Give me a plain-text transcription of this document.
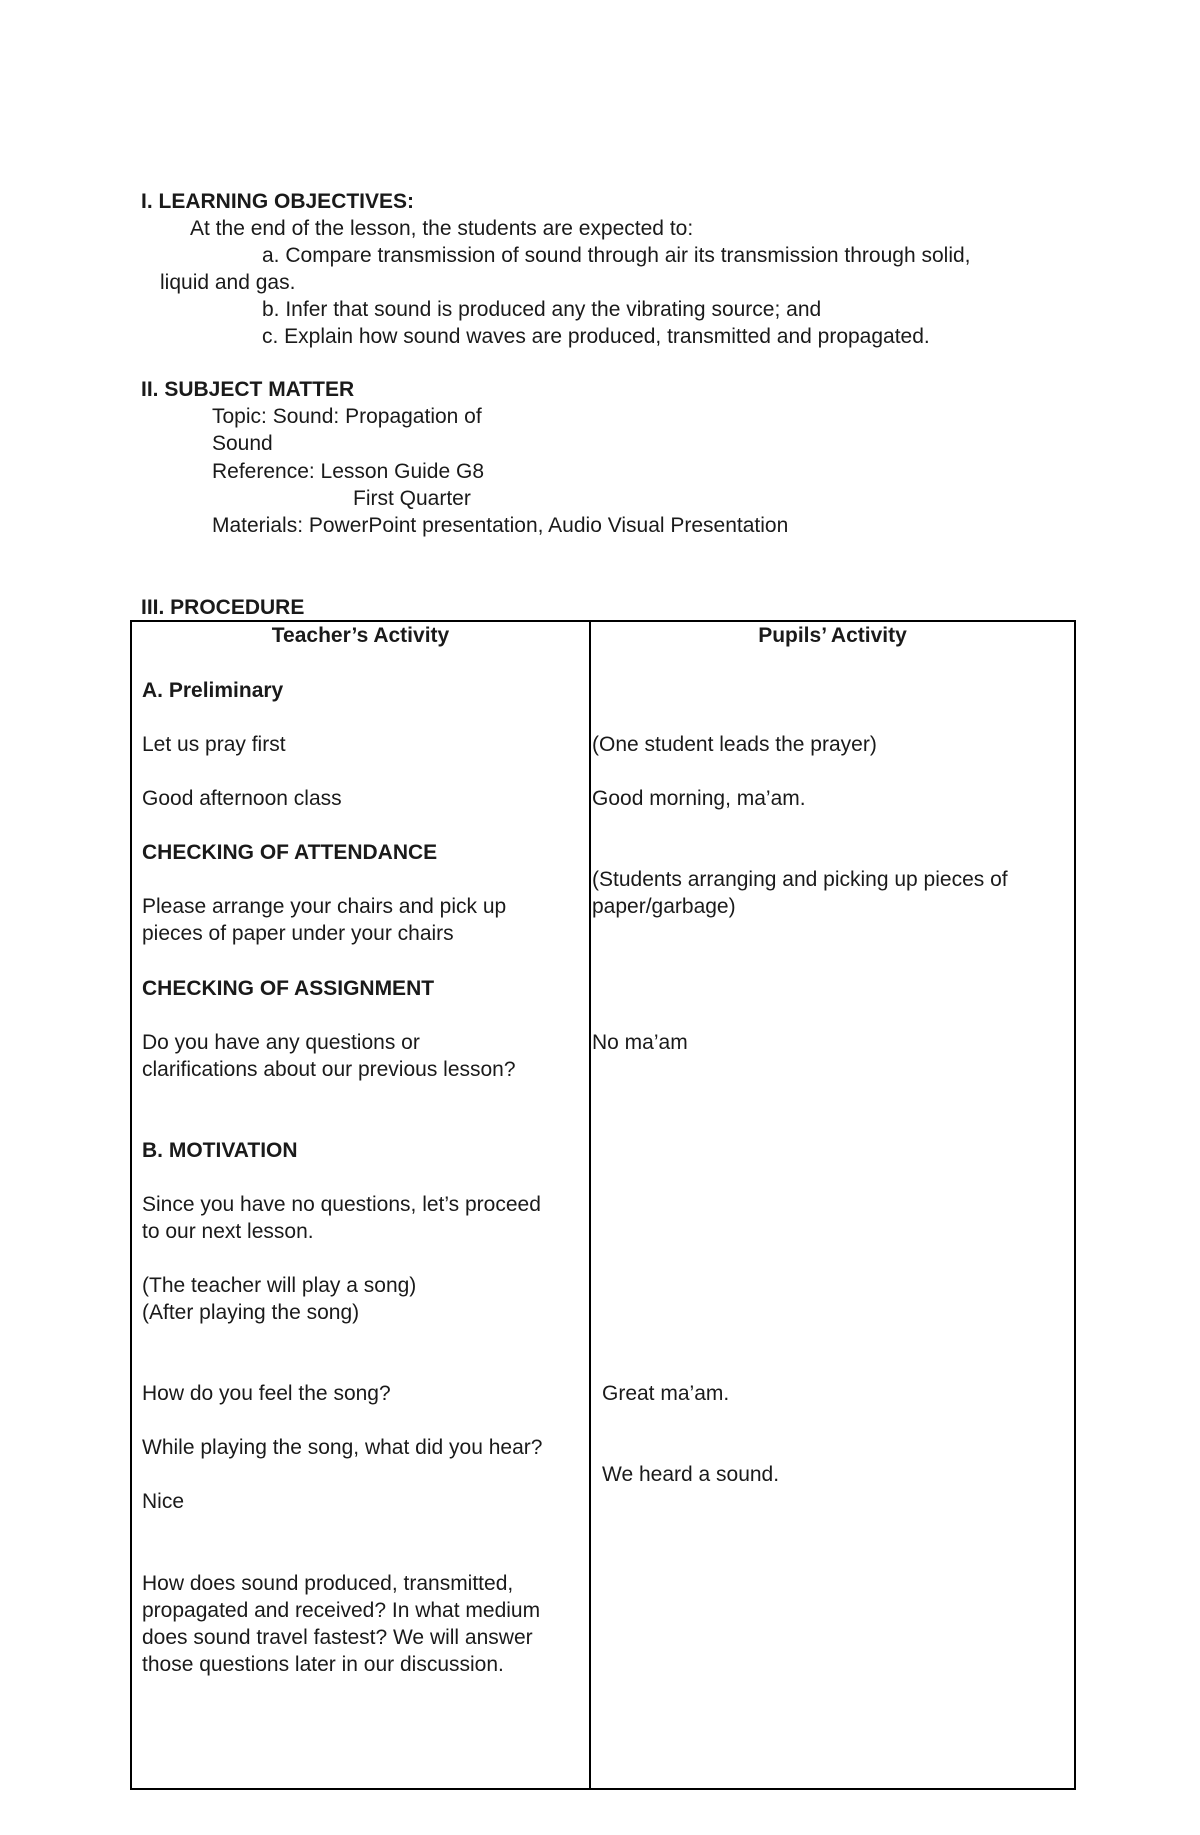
I. LEARNING OBJECTIVES:
At the end of the lesson, the students are expected to:
a. Compare transmission of sound through air its transmission through solid,
liquid and gas.
b. Infer that sound is produced any the vibrating source; and
c. Explain how sound waves are produced, transmitted and propagated.
II. SUBJECT MATTER
Topic: Sound: Propagation of
Sound
Reference: Lesson Guide G8
First Quarter
Materials: PowerPoint presentation, Audio Visual Presentation
III. PROCEDURE
Teacher’s Activity	Pupils’ Activity
A. Preliminary
Let us pray first
Good afternoon class
CHECKING OF ATTENDANCE
Please arrange your chairs and pick up
pieces of paper under your chairs
CHECKING OF ASSIGNMENT
Do you have any questions or
clarifications about our previous lesson?
B. MOTIVATION
Since you have no questions, let’s proceed
to our next lesson.
(The teacher will play a song)
(After playing the song)
How do you feel the song?
While playing the song, what did you hear?
Nice
How does sound produced, transmitted,
propagated and received? In what medium
does sound travel fastest? We will answer
those questions later in our discussion.
(One student leads the prayer)
Good morning, ma’am.
(Students arranging and picking up pieces of
paper/garbage)
No ma’am
Great ma’am.
We heard a sound.
